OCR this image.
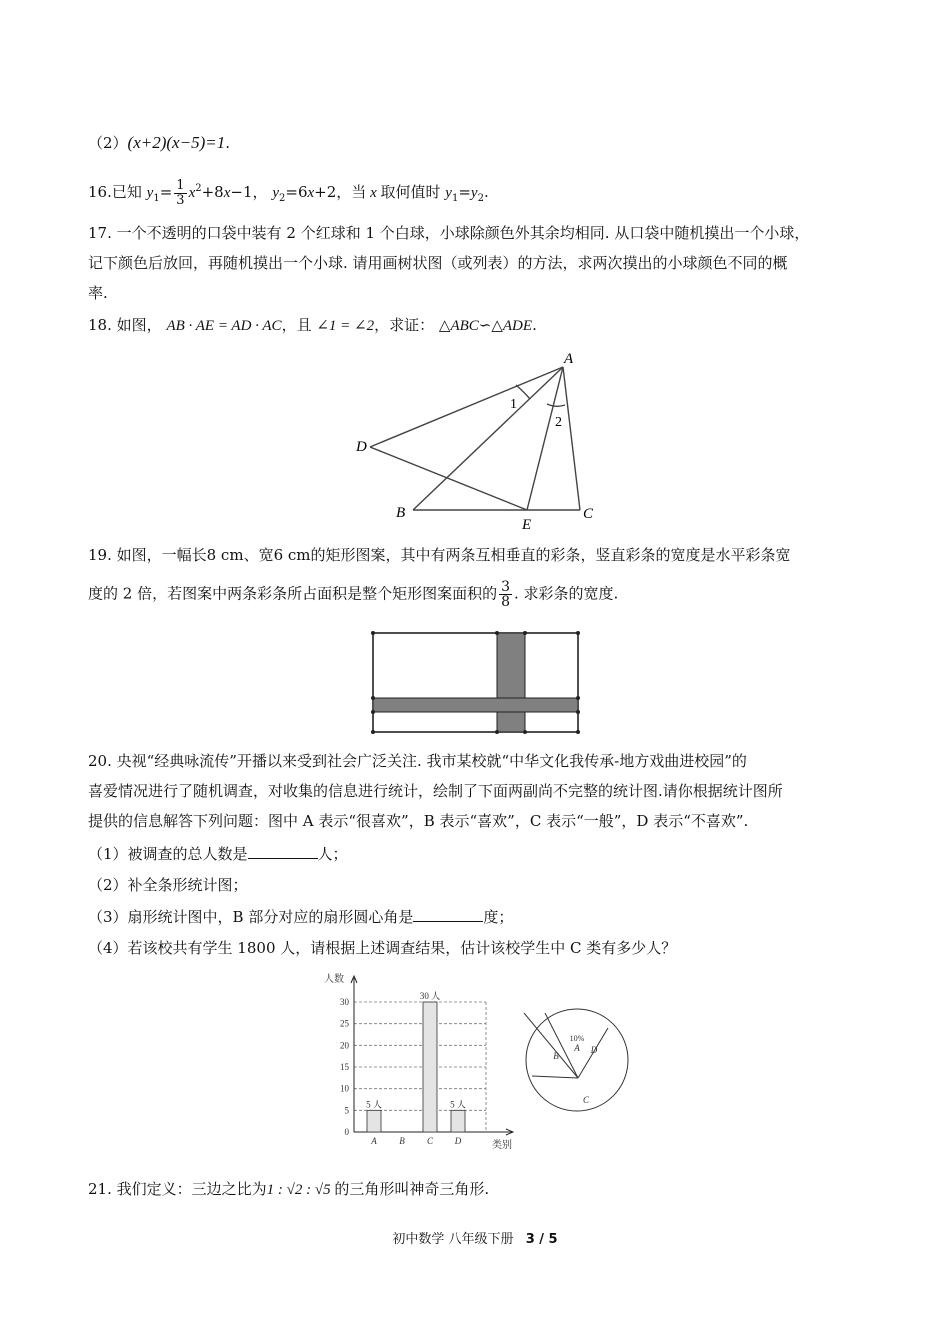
（2）(x+2)(x−5)=1.
16.已知 $y_1= \frac{1}{3} x^2+8x-1$， $y_2=6x+2$，当 x 取何值时 $y_1=y_2$.
17. 一个不透明的口袋中装有 2 个红球和 1 个白球，小球除颜色外其余均相同. 从口袋中随机摸出一个小球，
记下颜色后放回，再随机摸出一个小球. 请用画树状图（或列表）的方法，求两次摸出的小球颜色不同的概
率.
18. 如图， AB · AE = AD · AC，且 ∠1 = ∠2，求证： △ABC∽△ADE.
A
D
B
E
C
1
2
19. 如图，一幅长8 cm、宽6 cm的矩形图案，其中有两条互相垂直的彩条，竖直彩条的宽度是水平彩条宽
度的 2 倍，若图案中两条彩条所占面积是整个矩形图案面积的 $\frac{3}{8}$ . 求彩条的宽度.
20. 央视“经典咏流传”开播以来受到社会广泛关注. 我市某校就“中华文化我传承-地方戏曲进校园”的
喜爱情况进行了随机调查，对收集的信息进行统计，绘制了下面两副尚不完整的统计图.请你根据统计图所
提供的信息解答下列问题：图中 A 表示“很喜欢”，B 表示“喜欢”，C 表示“一般”，D 表示“不喜欢”.
（1）被调查的总人数是	人；
（2）补全条形统计图；
（3）扇形统计图中，B 部分对应的扇形圆心角是	度；
（4）若该校共有学生 1800 人，请根据上述调查结果，估计该校学生中 C 类有多少人？
0
5
10
15
20
25
30
人数
类别
A
5 人
B C
30 人
D
5 人
A
10%
B
C
D
21. 我们定义：三边之比为1 : √2 : √5 的三角形叫神奇三角形.
初中数学 八年级下册 3 / 5
